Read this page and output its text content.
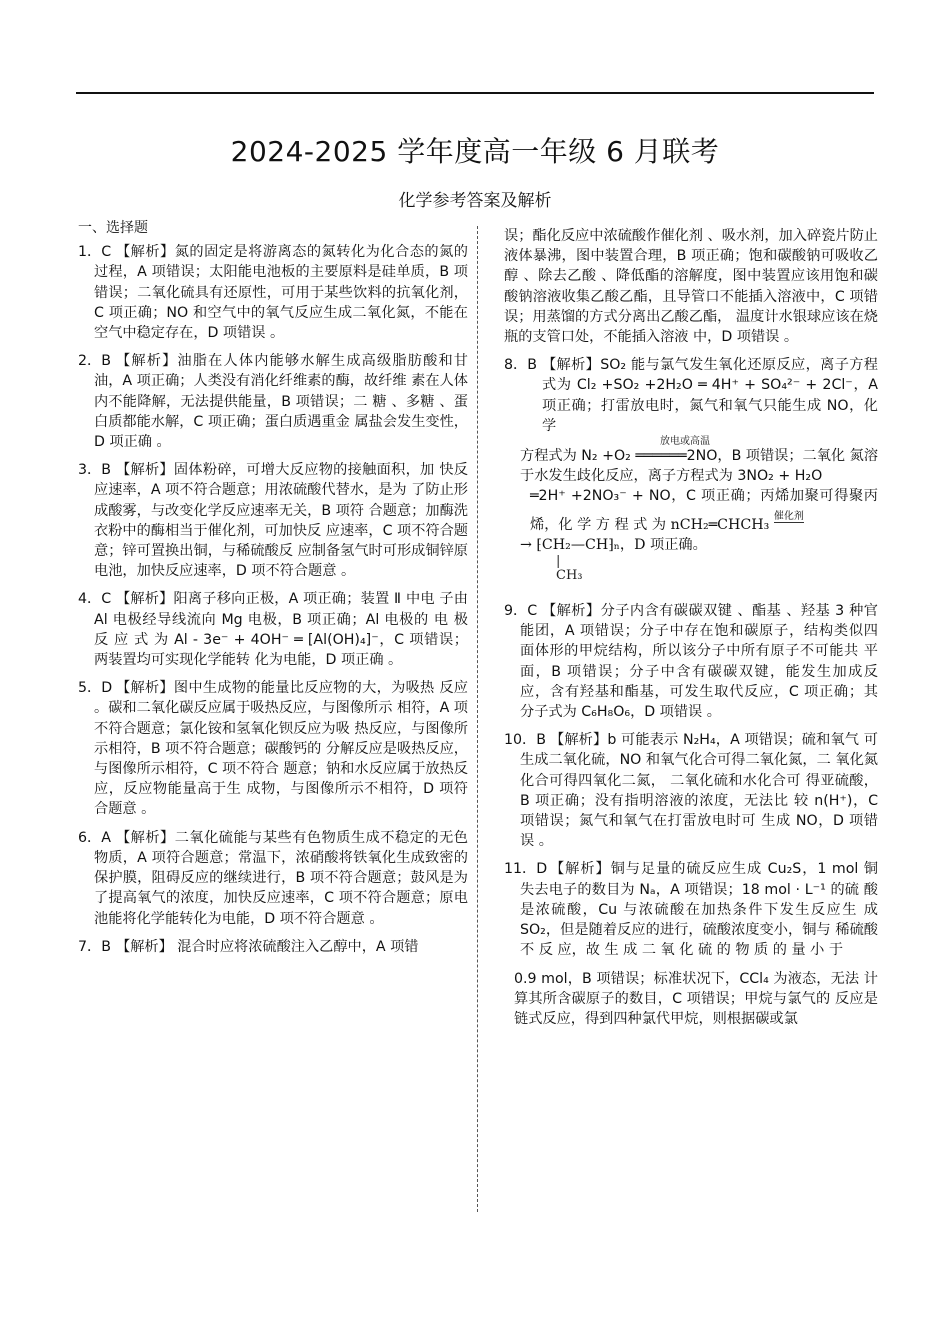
2024-2025 学年度高一年级 6 月联考
化学参考答案及解析
一、选择题
1．C 【解析】氮的固定是将游离态的氮转化为化合态的氮的过程，A 项错误；太阳能电池板的主要原料是硅单质，B 项错误；二氧化硫具有还原性，可用于某些饮料的抗氧化剂，C 项正确；NO 和空气中的氧气反应生成二氧化氮，不能在空气中稳定存在，D 项错误 。
2．B 【解析】油脂在人体内能够水解生成高级脂肪酸和甘油，A 项正确；人类没有消化纤维素的酶，故纤维 素在人体内不能降解，无法提供能量，B 项错误；二 糖 、多糖 、蛋白质都能水解，C 项正确；蛋白质遇重金 属盐会发生变性，D 项正确 。
3．B 【解析】固体粉碎，可增大反应物的接触面积，加 快反应速率，A 项不符合题意；用浓硫酸代替水，是为 了防止形成酸雾，与改变化学反应速率无关，B 项符 合题意；加酶洗衣粉中的酶相当于催化剂，可加快反 应速率，C 项不符合题意；锌可置换出铜，与稀硫酸反 应制备氢气时可形成铜锌原电池，加快反应速率，D 项不符合题意 。
4．C 【解析】阳离子移向正极，A 项正确；装置 Ⅱ 中电 子由 Al 电极经导线流向 Mg 电极，B 项正确；Al 电极的 电 极 反 应 式 为 Al - 3e⁻ + 4OH⁻ ═ [Al(OH)₄]⁻，C 项错误；两装置均可实现化学能转 化为电能，D 项正确 。
5．D 【解析】图中生成物的能量比反应物的大，为吸热 反应 。碳和二氧化碳反应属于吸热反应，与图像所示 相符，A 项不符合题意；氯化铵和氢氧化钡反应为吸 热反应，与图像所示相符，B 项不符合题意；碳酸钙的 分解反应是吸热反应，与图像所示相符，C 项不符合 题意；钠和水反应属于放热反应，反应物能量高于生 成物，与图像所示不相符，D 项符合题意 。
6．A 【解析】二氧化硫能与某些有色物质生成不稳定的无色物质，A 项符合题意；常温下，浓硝酸将铁氧化生成致密的保护膜，阻碍反应的继续进行，B 项不符合题意；鼓风是为了提高氧气的浓度，加快反应速率，C 项不符合题意；原电池能将化学能转化为电能，D 项不符合题意 。
7．B 【解析】 混合时应将浓硫酸注入乙醇中，A 项错
误；酯化反应中浓硫酸作催化剂 、吸水剂，加入碎瓷片防止液体暴沸，图中装置合理，B 项正确；饱和碳酸钠可吸收乙醇 、除去乙酸 、降低酯的溶解度，图中装置应该用饱和碳酸钠溶液收集乙酸乙酯，且导管口不能插入溶液中，C 项错误；用蒸馏的方式分离出乙酸乙酯， 温度计水银球应该在烧瓶的支管口处，不能插入溶液 中，D 项错误 。
8．B 【解析】SO₂ 能与氯气发生氧化还原反应，离子方程式为 Cl₂ +SO₂ +2H₂O ═ 4H⁺ + SO₄²⁻ + 2Cl⁻，A 项正确；打雷放电时，氮气和氧气只能生成 NO，化学
放电或高温
方程式为 N₂ +O₂ ══════2NO，B 项错误；二氧化 氮溶于水发生歧化反应，离子方程式为 3NO₂ + H₂O
═2H⁺ +2NO₃⁻ + NO，C 项正确；丙烯加聚可得聚丙 烯，化 学 方 程 式 为 nCH₂═CHCH₃ $^{催化剂}$
→ ⁅CH₂—CH⁆ₙ，D 项正确。
|
CH₃
9．C 【解析】分子内含有碳碳双键 、酯基 、羟基 3 种官 能团，A 项错误；分子中存在饱和碳原子，结构类似四 面体形的甲烷结构，所以该分子中所有原子不可能共 平面，B 项错误；分子中含有碳碳双键，能发生加成反 应，含有羟基和酯基，可发生取代反应，C 项正确；其 分子式为 C₆H₈O₆，D 项错误 。
10．B 【解析】b 可能表示 N₂H₄，A 项错误；硫和氧气 可生成二氧化硫，NO 和氧气化合可得二氧化氮，二 氧化氮化合可得四氧化二氮， 二氧化硫和水化合可 得亚硫酸，B 项正确；没有指明溶液的浓度，无法比 较 n(H⁺)，C 项错误；氮气和氧气在打雷放电时可 生成 NO，D 项错误 。
11．D 【解析】铜与足量的硫反应生成 Cu₂S，1 mol 铜 失去电子的数目为 Nₐ，A 项错误；18 mol · L⁻¹ 的硫 酸是浓硫酸，Cu 与浓硫酸在加热条件下发生反应生 成 SO₂，但是随着反应的进行，硫酸浓度变小，铜与 稀硫酸不 反 应，故 生 成 二 氧 化 硫 的 物 质 的 量 小 于
0.9 mol，B 项错误；标准状况下，CCl₄ 为液态，无法 计算其所含碳原子的数目，C 项错误；甲烷与氯气的 反应是链式反应，得到四种氯代甲烷，则根据碳或氯
